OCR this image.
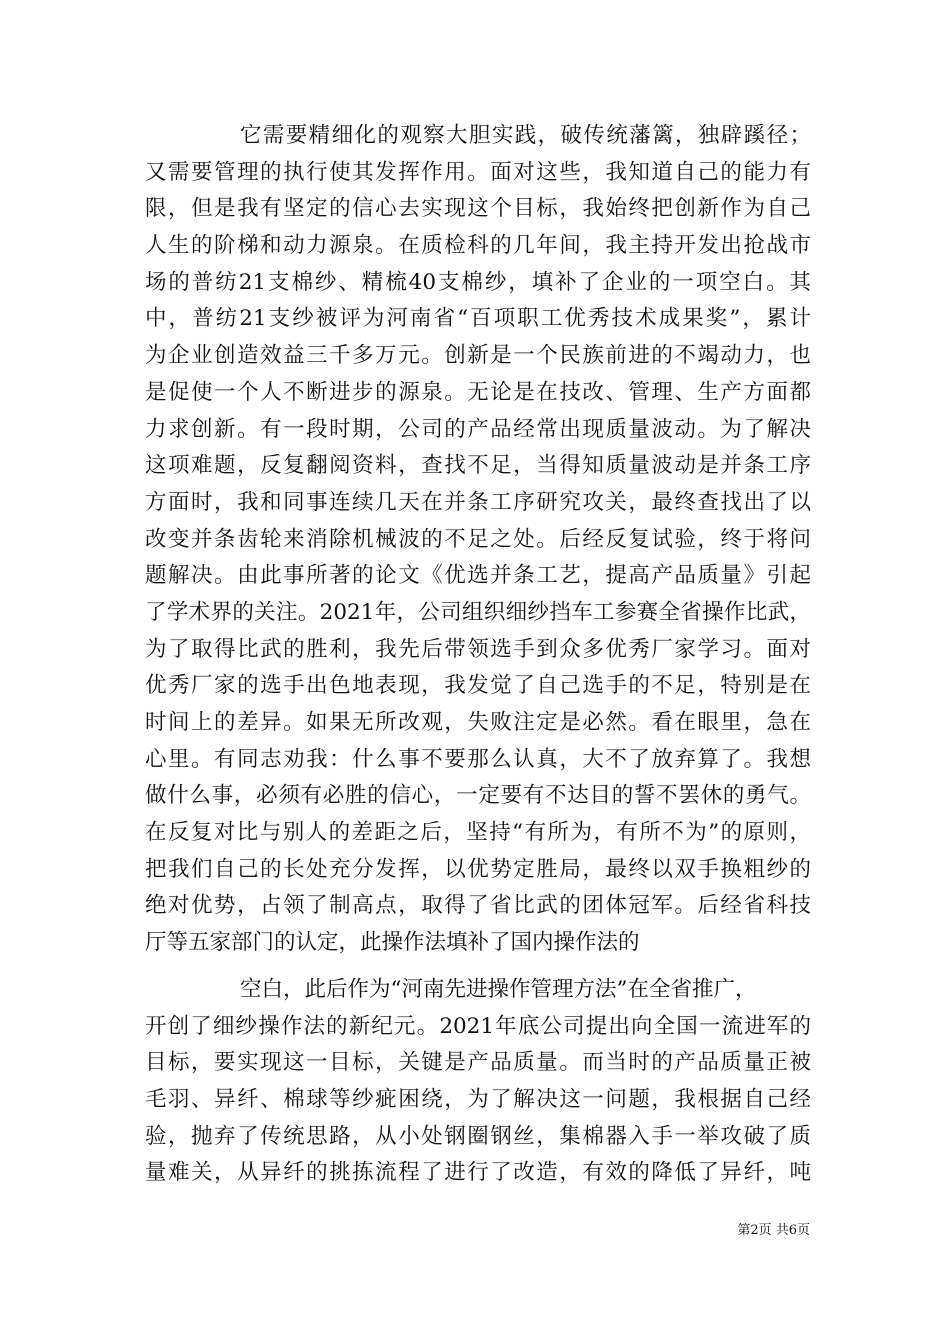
它需要精细化的观察大胆实践，破传统藩篱，独辟蹊径；
又需要管理的执行使其发挥作用。面对这些，我知道自己的能力有
限，但是我有坚定的信心去实现这个目标，我始终把创新作为自己
人生的阶梯和动力源泉。在质检科的几年间，我主持开发出抢战市
场的普纺21支棉纱、精梳40支棉纱，填补了企业的一项空白。其
中，普纺21支纱被评为河南省“百项职工优秀技术成果奖”，累计
为企业创造效益三千多万元。创新是一个民族前进的不竭动力，也
是促使一个人不断进步的源泉。无论是在技改、管理、生产方面都
力求创新。有一段时期，公司的产品经常出现质量波动。为了解决
这项难题，反复翻阅资料，查找不足，当得知质量波动是并条工序
方面时，我和同事连续几天在并条工序研究攻关，最终查找出了以
改变并条齿轮来消除机械波的不足之处。后经反复试验，终于将问
题解决。由此事所著的论文《优选并条工艺，提高产品质量》引起
了学术界的关注。2021年，公司组织细纱挡车工参赛全省操作比武，
为了取得比武的胜利，我先后带领选手到众多优秀厂家学习。面对
优秀厂家的选手出色地表现，我发觉了自己选手的不足，特别是在
时间上的差异。如果无所改观，失败注定是必然。看在眼里，急在
心里。有同志劝我：什么事不要那么认真，大不了放弃算了。我想
做什么事，必须有必胜的信心，一定要有不达目的誓不罢休的勇气。
在反复对比与别人的差距之后，坚持“有所为，有所不为”的原则，
把我们自己的长处充分发挥，以优势定胜局，最终以双手换粗纱的
绝对优势，占领了制高点，取得了省比武的团体冠军。后经省科技
厅等五家部门的认定，此操作法填补了国内操作法的
空白，此后作为“河南先进操作管理方法”在全省推广，
开创了细纱操作法的新纪元。2021年底公司提出向全国一流进军的
目标，要实现这一目标，关键是产品质量。而当时的产品质量正被
毛羽、异纤、棉球等纱疵困绕，为了解决这一问题，我根据自己经
验，抛弃了传统思路，从小处钢圈钢丝，集棉器入手一举攻破了质
量难关，从异纤的挑拣流程了进行了改造，有效的降低了异纤，吨
第2页 共6页
